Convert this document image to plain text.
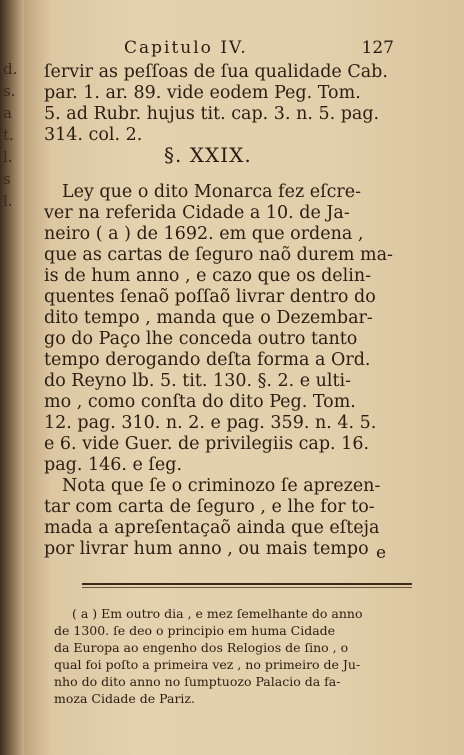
d.
s.
a
t.
l.
s
l.
Capitulo IV.	127
ſervir as peſſoas de ſua qualidade Cab.
par. 1. ar. 89. vide eodem Peg. Tom.
5. ad Rubr. hujus tit. cap. 3. n. 5. pag.
314. col. 2.
§. XXIX.
Ley que o dito Monarca fez eſcre-
ver na referida Cidade a 10. de Ja-
neiro ( a ) de 1692. em que ordena ,
que as cartas de ſeguro naõ durem ma-
is de hum anno , e cazo que os delin-
quentes ſenaõ poſſaõ livrar dentro do
dito tempo , manda que o Dezembar-
go do Paço lhe conceda outro tanto
tempo derogando deſta forma a Ord.
do Reyno lb. 5. tit. 130. §. 2. e ulti-
mo , como conſta do dito Peg. Tom.
12. pag. 310. n. 2. e pag. 359. n. 4. 5.
e 6. vide Guer. de privilegiis cap. 16.
pag. 146. e ſeg.
Nota que ſe o criminozo ſe aprezen-
tar com carta de ſeguro , e lhe for to-
mada a apreſentaçaõ ainda que eſteja
por livrar hum anno , ou mais tempo e
( a ) Em outro dia , e mez ſemelhante do anno
de 1300. ſe deo o principio em huma Cidade
da Europa ao engenho dos Relogios de ſino , o
qual foi poſto a primeira vez , no primeiro de Ju-
nho do dito anno no ſumptuozo Palacio da fa-
moza Cidade de Pariz.
